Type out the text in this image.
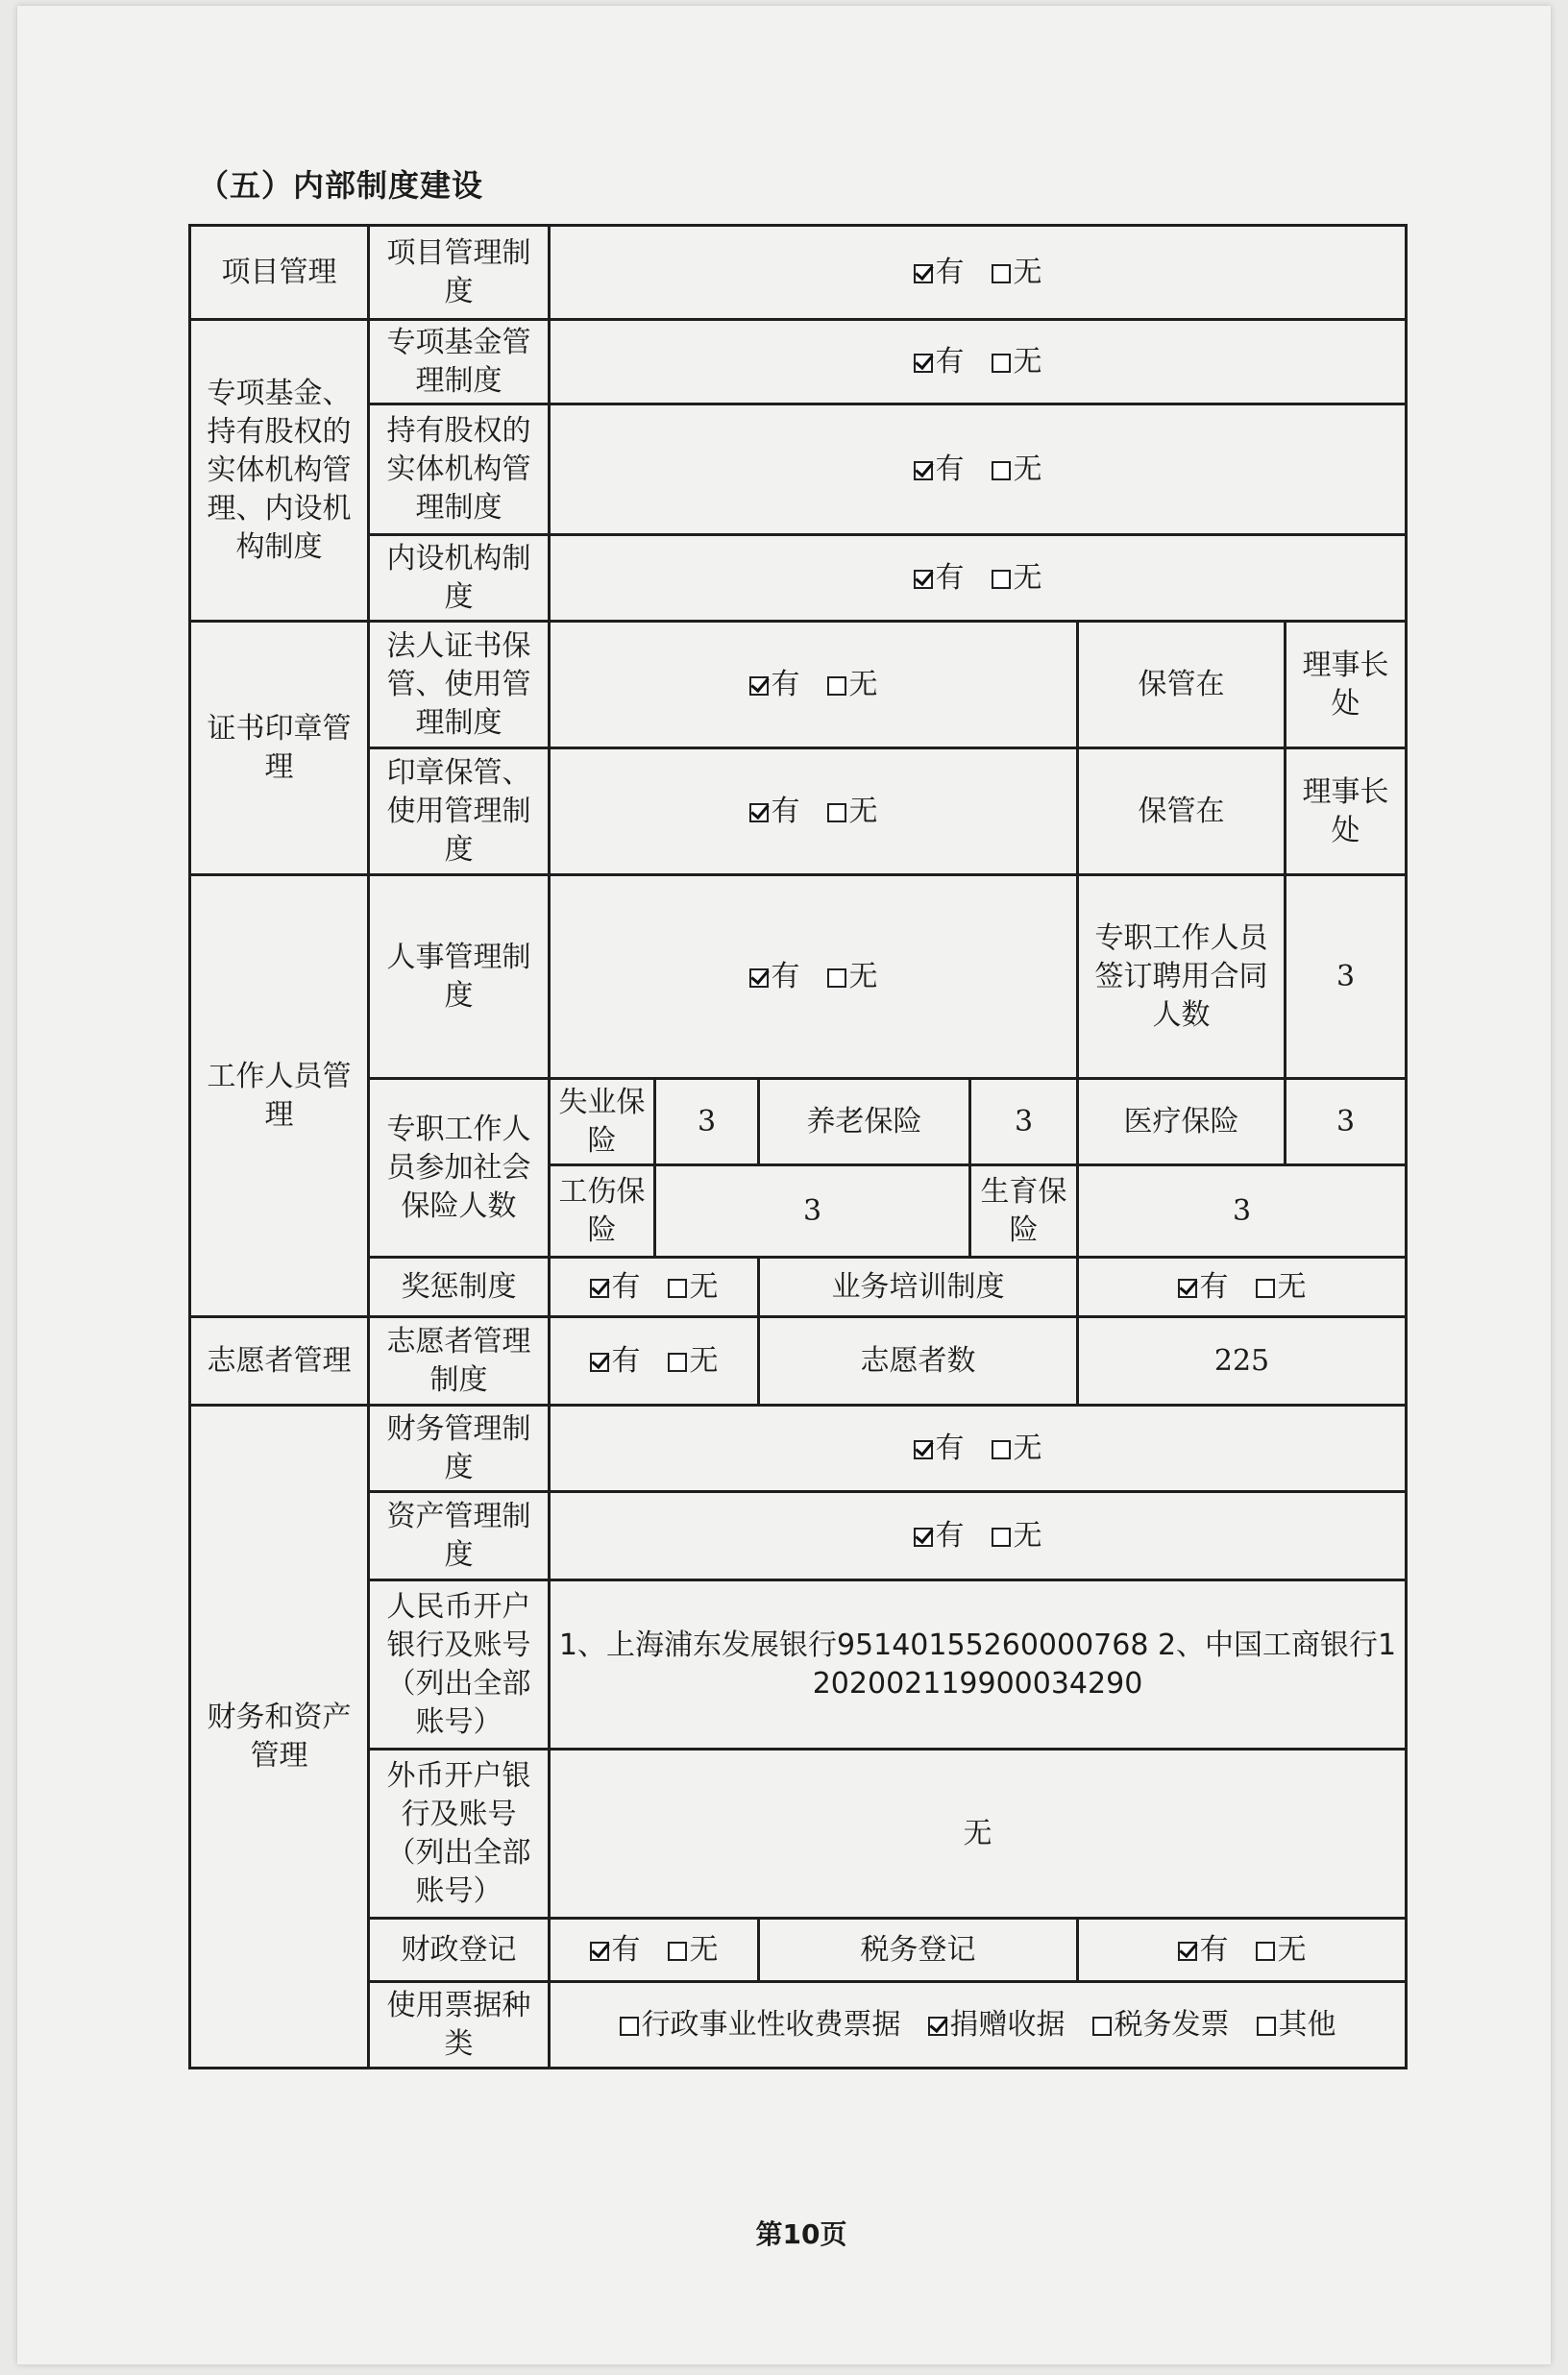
（五）内部制度建设
项目管理	项目管理制度	有 无					
专项基金、持有股权的实体机构管理、内设机构制度	专项基金管理制度	有 无					
	持有股权的实体机构管理制度	有 无					
	内设机构制度	有 无					
证书印章管理	法人证书保管、使用管理制度	有 无				保管在	理事长处
	印章保管、使用管理制度	有 无				保管在	理事长处
工作人员管理	人事管理制度	有 无				专职工作人员签订聘用合同人数	3
	专职工作人员参加社会保险人数	失业保险	3	养老保险	3	医疗保险	3
		工伤保险	3		生育保险	3	
	奖惩制度	有 无		业务培训制度		有 无	
志愿者管理	志愿者管理制度	有 无		志愿者数		225	
财务和资产管理	财务管理制度	有 无					
	资产管理制度	有 无					
	人民币开户银行及账号（列出全部账号）	1、上海浦东发展银行95140155260000768 2、中国工商银行1
202002119900034290					

	外币开户银行及账号（列出全部账号）	无					
	财政登记	有 无		税务登记		有 无	
	使用票据种类	行政事业性收费票据 捐赠收据 税务发票 其他					
第10页
